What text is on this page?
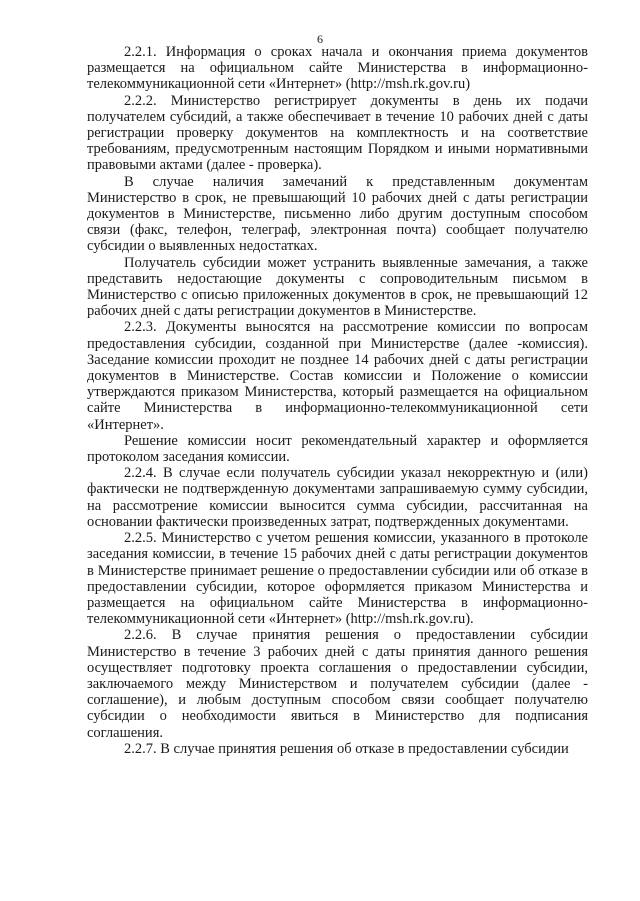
6

2.2.1. Информация о сроках начала и окончания приема документов размещается на официальном сайте Министерства в информационно-телекоммуникационной сети «Интернет» (http://msh.rk.gov.ru)

2.2.2. Министерство регистрирует документы в день их подачи получателем субсидий, а также обеспечивает в течение 10 рабочих дней с даты регистрации проверку документов на комплектность и на соответствие требованиям, предусмотренным настоящим Порядком и иными нормативными правовыми актами (далее - проверка).

В случае наличия замечаний к представленным документам Министерство в срок, не превышающий 10 рабочих дней с даты регистрации документов в Министерстве, письменно либо другим доступным способом связи (факс, телефон, телеграф, электронная почта) сообщает получателю субсидии о выявленных недостатках.

Получатель субсидии может устранить выявленные замечания, а также представить недостающие документы с сопроводительным письмом в Министерство с описью приложенных документов в срок, не превышающий 12 рабочих дней с даты регистрации документов в Министерстве.

2.2.3. Документы выносятся на рассмотрение комиссии по вопросам предоставления субсидии, созданной при Министерстве (далее -комиссия). Заседание комиссии проходит не позднее 14 рабочих дней с даты регистрации документов в Министерстве. Состав комиссии и Положение о комиссии утверждаются приказом Министерства, который размещается на официальном сайте Министерства в информационно-телекоммуникационной сети «Интернет».

Решение комиссии носит рекомендательный характер и оформляется протоколом заседания комиссии.

2.2.4. В случае если получатель субсидии указал некорректную и (или) фактически не подтвержденную документами запрашиваемую сумму субсидии, на рассмотрение комиссии выносится сумма субсидии, рассчитанная на основании фактически произведенных затрат, подтвержденных документами.

2.2.5. Министерство с учетом решения комиссии, указанного в протоколе заседания комиссии, в течение 15 рабочих дней с даты регистрации документов в Министерстве принимает решение о предоставлении субсидии или об отказе в предоставлении субсидии, которое оформляется приказом Министерства и размещается на официальном сайте Министерства в информационно-телекоммуникационной сети «Интернет» (http://msh.rk.gov.ru).

2.2.6. В случае принятия решения о предоставлении субсидии Министерство в течение 3 рабочих дней с даты принятия данного решения осуществляет подготовку проекта соглашения о предоставлении субсидии, заключаемого между Министерством и получателем субсидии (далее - соглашение), и любым доступным способом связи сообщает получателю субсидии о необходимости явиться в Министерство для подписания соглашения.

2.2.7. В случае принятия решения об отказе в предоставлении субсидии
